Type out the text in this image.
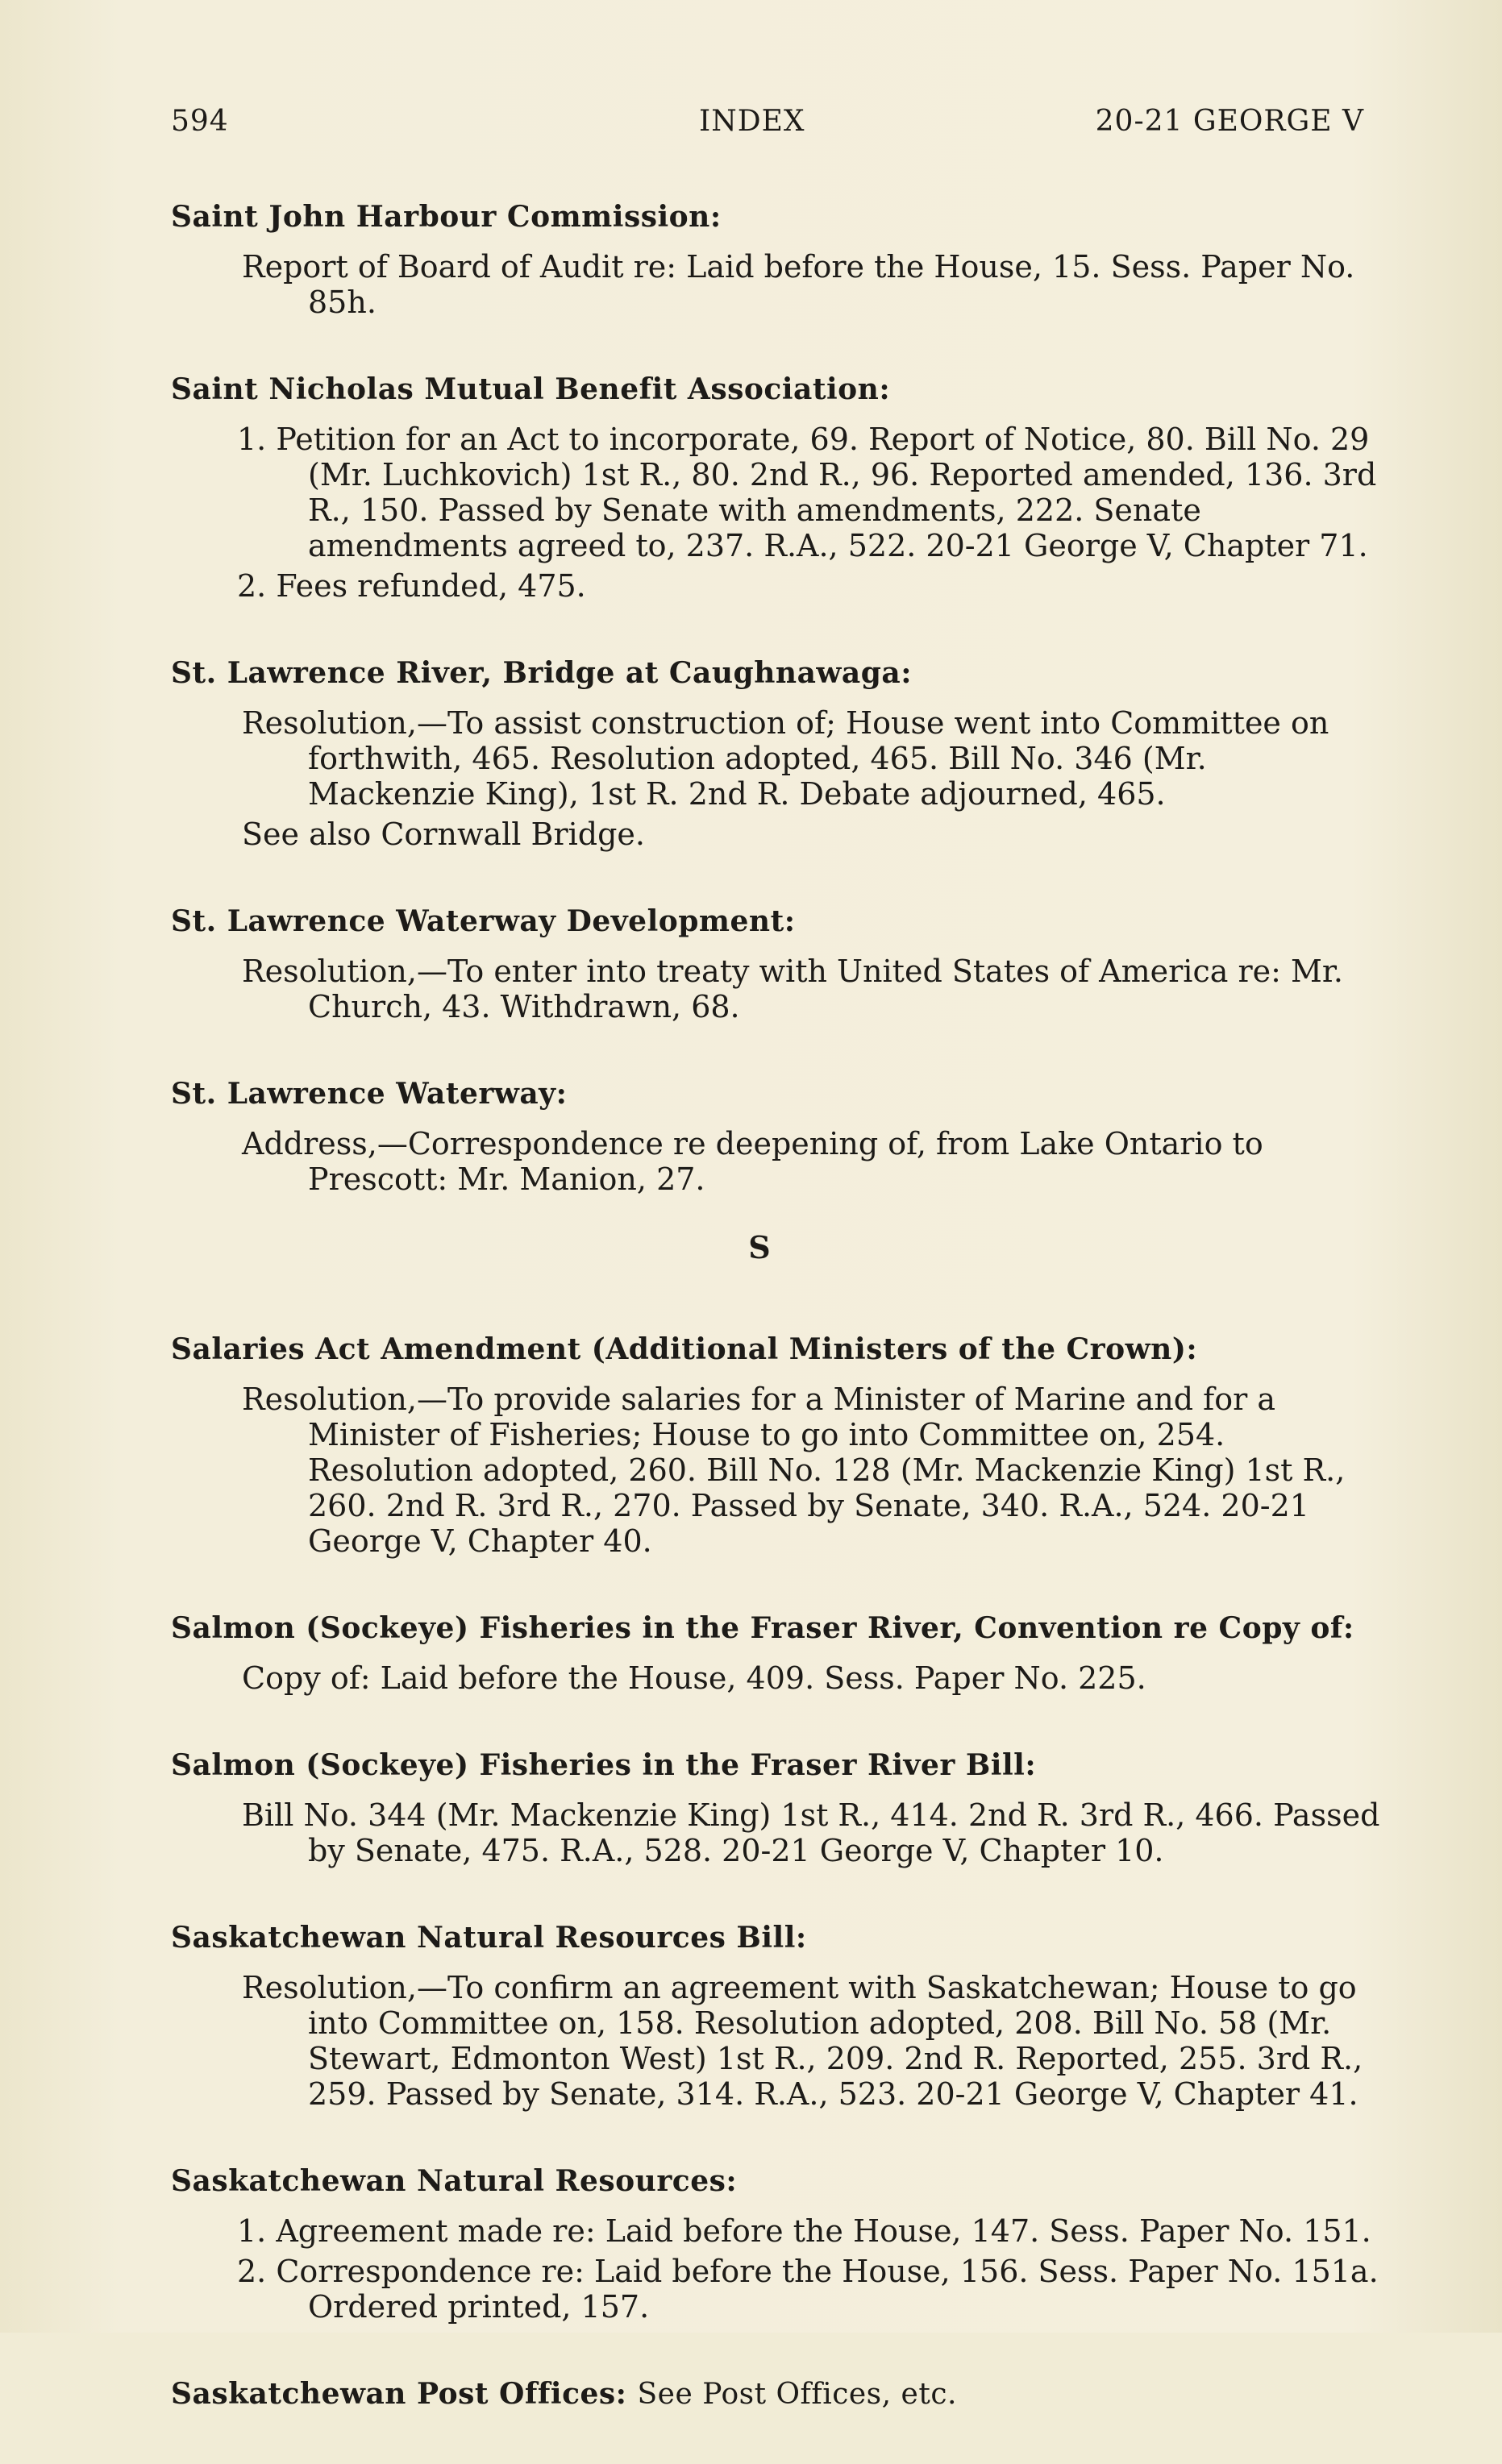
594	INDEX	20-21 GEORGE V
Saint John Harbour Commission:
Report of Board of Audit re: Laid before the House, 15. Sess. Paper No. 85h.
Saint Nicholas Mutual Benefit Association:
1. Petition for an Act to incorporate, 69. Report of Notice, 80. Bill No. 29 (Mr. Luchkovich) 1st R., 80. 2nd R., 96. Reported amended, 136. 3rd R., 150. Passed by Senate with amendments, 222. Senate amendments agreed to, 237. R.A., 522. 20-21 George V, Chapter 71.
2. Fees refunded, 475.
St. Lawrence River, Bridge at Caughnawaga:
Resolution,—To assist construction of; House went into Committee on forthwith, 465. Resolution adopted, 465. Bill No. 346 (Mr. Mackenzie King), 1st R. 2nd R. Debate adjourned, 465.
See also Cornwall Bridge.
St. Lawrence Waterway Development:
Resolution,—To enter into treaty with United States of America re: Mr. Church, 43. Withdrawn, 68.
St. Lawrence Waterway:
Address,—Correspondence re deepening of, from Lake Ontario to Prescott: Mr. Manion, 27.
S
Salaries Act Amendment (Additional Ministers of the Crown):
Resolution,—To provide salaries for a Minister of Marine and for a Minister of Fisheries; House to go into Committee on, 254. Resolution adopted, 260. Bill No. 128 (Mr. Mackenzie King) 1st R., 260. 2nd R. 3rd R., 270. Passed by Senate, 340. R.A., 524. 20-21 George V, Chapter 40.
Salmon (Sockeye) Fisheries in the Fraser River, Convention re Copy of:
Copy of: Laid before the House, 409. Sess. Paper No. 225.
Salmon (Sockeye) Fisheries in the Fraser River Bill:
Bill No. 344 (Mr. Mackenzie King) 1st R., 414. 2nd R. 3rd R., 466. Passed by Senate, 475. R.A., 528. 20-21 George V, Chapter 10.
Saskatchewan Natural Resources Bill:
Resolution,—To confirm an agreement with Saskatchewan; House to go into Committee on, 158. Resolution adopted, 208. Bill No. 58 (Mr. Stewart, Edmonton West) 1st R., 209. 2nd R. Reported, 255. 3rd R., 259. Passed by Senate, 314. R.A., 523. 20-21 George V, Chapter 41.
Saskatchewan Natural Resources:
1. Agreement made re: Laid before the House, 147. Sess. Paper No. 151.
2. Correspondence re: Laid before the House, 156. Sess. Paper No. 151a. Ordered printed, 157.
Saskatchewan Post Offices: See Post Offices, etc.
